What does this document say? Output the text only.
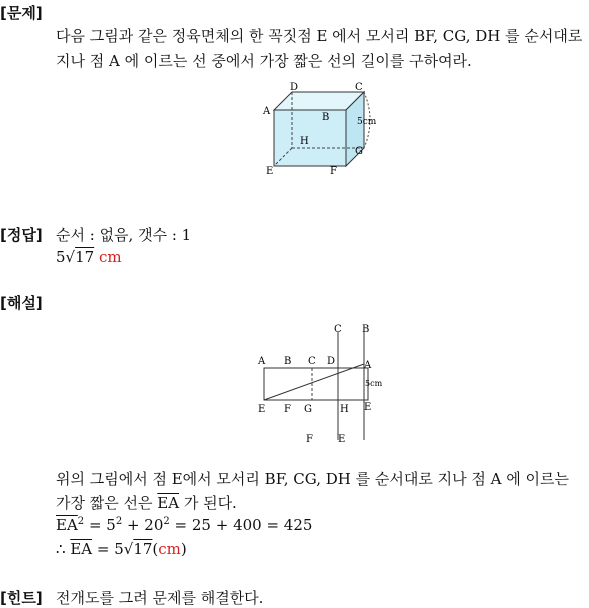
[문제]
다음 그림과 같은 정육면체의 한 꼭짓점 E 에서 모서리 BF, CG, DH 를 순서대로
지나 점 A 에 이르는 선 중에서 가장 짧은 선의 길이를 구하여라.
A
B
C
D
E	F
G
H
5cm
[정답] 순서 : 없음, 갯수 : 1
5√17 cm
[해설]
A B C D	A
C B
E F G	H E
F	E
5cm
위의 그림에서 점 E에서 모서리 BF, CG, DH 를 순서대로 지나 점 A 에 이르는
가장 짧은 선은 $\overline{EA}$ 가 된다.
$\overline{EA}^2 = 5^2 + 20^2 = 25 + 400 = 425$
∴ $\overline{EA} = 5√17(cm)$
[힌트] 전개도를 그려 문제를 해결한다.
